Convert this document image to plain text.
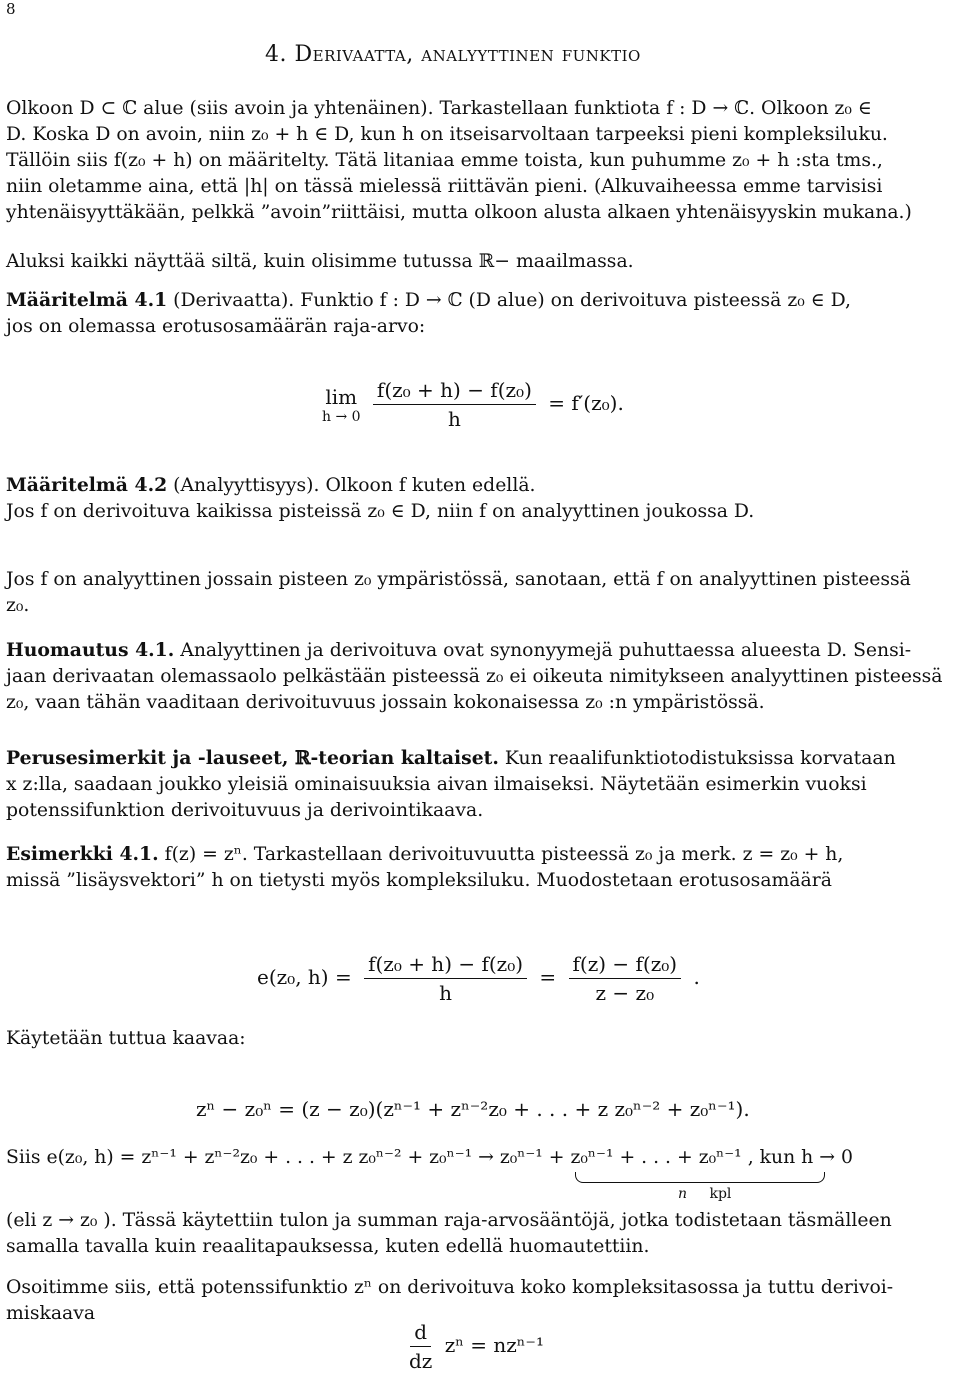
8
4. Derivaatta, analyyttinen funktio
Olkoon D ⊂ ℂ alue (siis avoin ja yhtenäinen). Tarkastellaan funktiota f : D → ℂ. Olkoon z₀ ∈
D. Koska D on avoin, niin z₀ + h ∈ D, kun h on itseisarvoltaan tarpeeksi pieni kompleksiluku.
Tällöin siis f(z₀ + h) on määritelty. Tätä litaniaa emme toista, kun puhumme z₀ + h :sta tms.,
niin oletamme aina, että |h| on tässä mielessä riittävän pieni. (Alkuvaiheessa emme tarvisisi
yhtenäisyyttäkään, pelkkä ”avoin”riittäisi, mutta olkoon alusta alkaen yhtenäisyyskin mukana.)
Aluksi kaikki näyttää siltä, kuin olisimme tutussa ℝ− maailmassa.
Määritelmä 4.1 (Derivaatta). Funktio f : D → ℂ (D alue) on derivoituva pisteessä z₀ ∈ D,
jos on olemassa erotusosamäärän raja-arvo:
lim
h → 0
$\frac{\text{f(z₀ + h) − f(z₀)}}{h} = f'(z_0)$.
Määritelmä 4.2 (Analyyttisyys). Olkoon f kuten edellä.
Jos f on derivoituva kaikissa pisteissä z₀ ∈ D, niin f on analyyttinen joukossa D.
Jos f on analyyttinen jossain pisteen z₀ ympäristössä, sanotaan, että f on analyyttinen pisteessä
z₀.
Huomautus 4.1. Analyyttinen ja derivoituva ovat synonyymejä puhuttaessa alueesta D. Sensi-
jaan derivaatan olemassaolo pelkästään pisteessä z₀ ei oikeuta nimitykseen analyyttinen pisteessä
z₀, vaan tähän vaaditaan derivoituvuus jossain kokonaisessa z₀ :n ympäristössä.
Perusesimerkit ja -lauseet, ℝ-teorian kaltaiset. Kun reaalifunktiotodistuksissa korvataan
x z:lla, saadaan joukko yleisiä ominaisuuksia aivan ilmaiseksi. Näytetään esimerkin vuoksi
potenssifunktion derivoituvuus ja derivointikaava.
Esimerkki 4.1. f(z) = zⁿ. Tarkastellaan derivoituvuutta pisteessä z₀ ja merk. z = z₀ + h,
missä ”lisäysvektori” h on tietysti myös kompleksiluku. Muodostetaan erotusosamäärä
e(z₀, $h) = \frac{\text{f(z₀ + h) − f(z₀)}}{h} = \frac{\text{f(z) − f(z₀)}}{\text{z − z₀}}$ .
Käytetään tuttua kaavaa:
zⁿ − z₀ⁿ = (z − z₀)(zⁿ⁻¹ + zⁿ⁻²z₀ + . . . + z z₀ⁿ⁻² + z₀ⁿ⁻¹).
Siis e(z₀, h) = zⁿ⁻¹ + zⁿ⁻²z₀ + . . . + z z₀ⁿ⁻² + z₀ⁿ⁻¹ → z₀ⁿ⁻¹ + z₀ⁿ⁻¹ + . . . + z₀ⁿ⁻¹ , kun h → 0
n kpl
(eli z → z₀ ). Tässä käytettiin tulon ja summan raja-arvosääntöjä, jotka todistetaan täsmälleen
samalla tavalla kuin reaalitapauksessa, kuten edellä huomautettiin.
Osoitimme siis, että potenssifunktio zⁿ on derivoituva koko kompleksitasossa ja tuttu derivoi-
miskaava
$\frac{d}{dz}$ zⁿ = nzⁿ⁻¹
